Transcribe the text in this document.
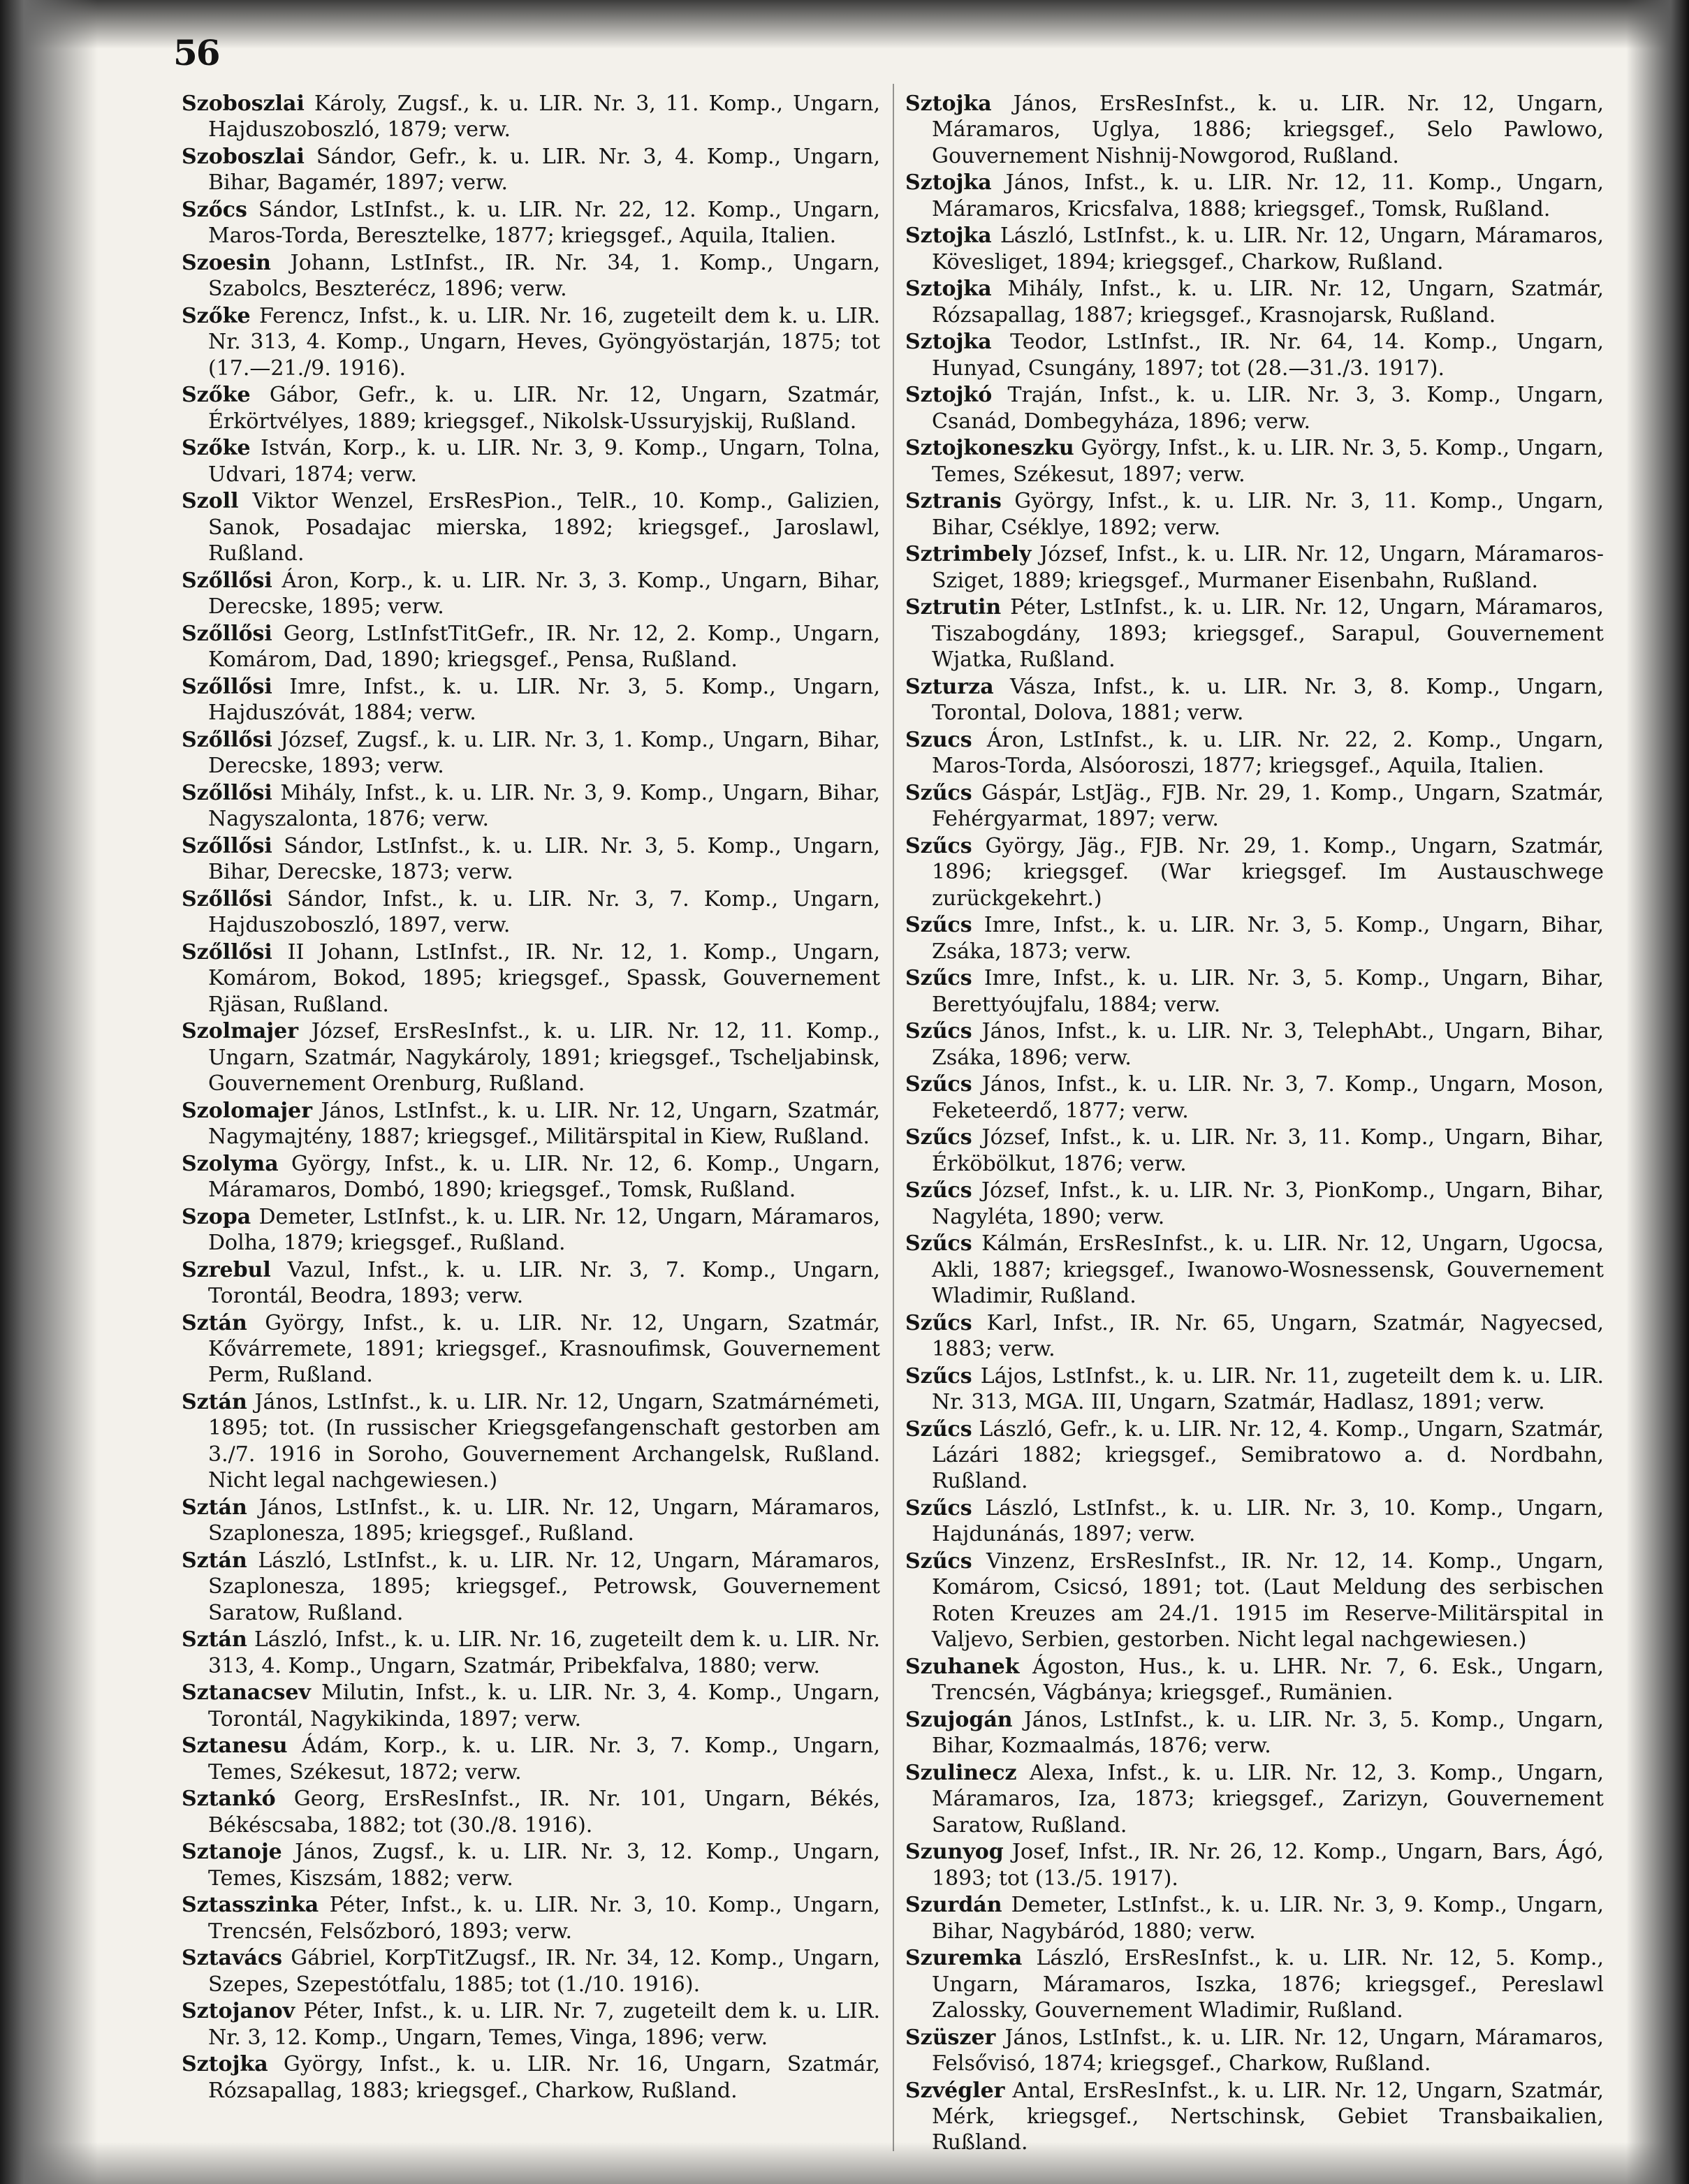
56

Szoboszlai Károly, Zugsf., k. u. LIR. Nr. 3, 11. Komp., Ungarn, Hajduszoboszló, 1879; verw.

Szoboszlai Sándor, Gefr., k. u. LIR. Nr. 3, 4. Komp., Ungarn, Bihar, Bagamér, 1897; verw.

Szőcs Sándor, LstInfst., k. u. LIR. Nr. 22, 12. Komp., Ungarn, Maros-Torda, Beresztelke, 1877; kriegsgef., Aquila, Italien.

Szoesin Johann, LstInfst., IR. Nr. 34, 1. Komp., Ungarn, Szabolcs, Beszterécz, 1896; verw.

Szőke Ferencz, Infst., k. u. LIR. Nr. 16, zugeteilt dem k. u. LIR. Nr. 313, 4. Komp., Ungarn, Heves, Gyöngyöstarján, 1875; tot (17.—21./9. 1916).

Szőke Gábor, Gefr., k. u. LIR. Nr. 12, Ungarn, Szatmár, Érkörtvélyes, 1889; kriegsgef., Nikolsk-Ussuryjskij, Rußland.

Szőke István, Korp., k. u. LIR. Nr. 3, 9. Komp., Ungarn, Tolna, Udvari, 1874; verw.

Szoll Viktor Wenzel, ErsResPion., TelR., 10. Komp., Galizien, Sanok, Posadajac mierska, 1892; kriegsgef., Jaroslawl, Rußland.

Szőllősi Áron, Korp., k. u. LIR. Nr. 3, 3. Komp., Ungarn, Bihar, Derecske, 1895; verw.

Szőllősi Georg, LstInfstTitGefr., IR. Nr. 12, 2. Komp., Ungarn, Komárom, Dad, 1890; kriegsgef., Pensa, Rußland.

Szőllősi Imre, Infst., k. u. LIR. Nr. 3, 5. Komp., Ungarn, Hajduszóvát, 1884; verw.

Szőllősi József, Zugsf., k. u. LIR. Nr. 3, 1. Komp., Ungarn, Bihar, Derecske, 1893; verw.

Szőllősi Mihály, Infst., k. u. LIR. Nr. 3, 9. Komp., Ungarn, Bihar, Nagyszalonta, 1876; verw.

Szőllősi Sándor, LstInfst., k. u. LIR. Nr. 3, 5. Komp., Ungarn, Bihar, Derecske, 1873; verw.

Szőllősi Sándor, Infst., k. u. LIR. Nr. 3, 7. Komp., Ungarn, Hajduszoboszló, 1897, verw.

Szőllősi II Johann, LstInfst., IR. Nr. 12, 1. Komp., Ungarn, Komárom, Bokod, 1895; kriegsgef., Spassk, Gouvernement Rjäsan, Rußland.

Szolmajer József, ErsResInfst., k. u. LIR. Nr. 12, 11. Komp., Ungarn, Szatmár, Nagykároly, 1891; kriegsgef., Tscheljabinsk, Gouvernement Orenburg, Rußland.

Szolomajer János, LstInfst., k. u. LIR. Nr. 12, Ungarn, Szatmár, Nagymajtény, 1887; kriegsgef., Militärspital in Kiew, Rußland.

Szolyma György, Infst., k. u. LIR. Nr. 12, 6. Komp., Ungarn, Máramaros, Dombó, 1890; kriegsgef., Tomsk, Rußland.

Szopa Demeter, LstInfst., k. u. LIR. Nr. 12, Ungarn, Máramaros, Dolha, 1879; kriegsgef., Rußland.

Szrebul Vazul, Infst., k. u. LIR. Nr. 3, 7. Komp., Ungarn, Torontál, Beodra, 1893; verw.

Sztán György, Infst., k. u. LIR. Nr. 12, Ungarn, Szatmár, Kővárremete, 1891; kriegsgef., Krasnoufimsk, Gouvernement Perm, Rußland.

Sztán János, LstInfst., k. u. LIR. Nr. 12, Ungarn, Szatmárnémeti, 1895; tot. (In russischer Kriegsgefangenschaft gestorben am 3./7. 1916 in Soroho, Gouvernement Archangelsk, Rußland. Nicht legal nachgewiesen.)

Sztán János, LstInfst., k. u. LIR. Nr. 12, Ungarn, Máramaros, Szaplonesza, 1895; kriegsgef., Rußland.

Sztán László, LstInfst., k. u. LIR. Nr. 12, Ungarn, Máramaros, Szaplonesza, 1895; kriegsgef., Petrowsk, Gouvernement Saratow, Rußland.

Sztán László, Infst., k. u. LIR. Nr. 16, zugeteilt dem k. u. LIR. Nr. 313, 4. Komp., Ungarn, Szatmár, Pribekfalva, 1880; verw.

Sztanacsev Milutin, Infst., k. u. LIR. Nr. 3, 4. Komp., Ungarn, Torontál, Nagykikinda, 1897; verw.

Sztanesu Ádám, Korp., k. u. LIR. Nr. 3, 7. Komp., Ungarn, Temes, Székesut, 1872; verw.

Sztankó Georg, ErsResInfst., IR. Nr. 101, Ungarn, Békés, Békéscsaba, 1882; tot (30./8. 1916).

Sztanoje János, Zugsf., k. u. LIR. Nr. 3, 12. Komp., Ungarn, Temes, Kiszsám, 1882; verw.

Sztasszinka Péter, Infst., k. u. LIR. Nr. 3, 10. Komp., Ungarn, Trencsén, Felsőzboró, 1893; verw.

Sztavács Gábriel, KorpTitZugsf., IR. Nr. 34, 12. Komp., Ungarn, Szepes, Szepestótfalu, 1885; tot (1./10. 1916).

Sztojanov Péter, Infst., k. u. LIR. Nr. 7, zugeteilt dem k. u. LIR. Nr. 3, 12. Komp., Ungarn, Temes, Vinga, 1896; verw.

Sztojka György, Infst., k. u. LIR. Nr. 16, Ungarn, Szatmár, Rózsapallag, 1883; kriegsgef., Charkow, Rußland.

Sztojka János, ErsResInfst., k. u. LIR. Nr. 12, Ungarn, Máramaros, Uglya, 1886; kriegsgef., Selo Pawlowo, Gouvernement Nishnij-Nowgorod, Rußland.

Sztojka János, Infst., k. u. LIR. Nr. 12, 11. Komp., Ungarn, Máramaros, Kricsfalva, 1888; kriegsgef., Tomsk, Rußland.

Sztojka László, LstInfst., k. u. LIR. Nr. 12, Ungarn, Máramaros, Kövesliget, 1894; kriegsgef., Charkow, Rußland.

Sztojka Mihály, Infst., k. u. LIR. Nr. 12, Ungarn, Szatmár, Rózsapallag, 1887; kriegsgef., Krasnojarsk, Rußland.

Sztojka Teodor, LstInfst., IR. Nr. 64, 14. Komp., Ungarn, Hunyad, Csungány, 1897; tot (28.—31./3. 1917).

Sztojkó Traján, Infst., k. u. LIR. Nr. 3, 3. Komp., Ungarn, Csanád, Dombegyháza, 1896; verw.

Sztojkoneszku György, Infst., k. u. LIR. Nr. 3, 5. Komp., Ungarn, Temes, Székesut, 1897; verw.

Sztranis György, Infst., k. u. LIR. Nr. 3, 11. Komp., Ungarn, Bihar, Cséklye, 1892; verw.

Sztrimbely József, Infst., k. u. LIR. Nr. 12, Ungarn, Máramaros-Sziget, 1889; kriegsgef., Murmaner Eisenbahn, Rußland.

Sztrutin Péter, LstInfst., k. u. LIR. Nr. 12, Ungarn, Máramaros, Tiszabogdány, 1893; kriegsgef., Sarapul, Gouvernement Wjatka, Rußland.

Szturza Vásza, Infst., k. u. LIR. Nr. 3, 8. Komp., Ungarn, Torontal, Dolova, 1881; verw.

Szucs Áron, LstInfst., k. u. LIR. Nr. 22, 2. Komp., Ungarn, Maros-Torda, Alsóoroszi, 1877; kriegsgef., Aquila, Italien.

Szűcs Gáspár, LstJäg., FJB. Nr. 29, 1. Komp., Ungarn, Szatmár, Fehérgyarmat, 1897; verw.

Szűcs György, Jäg., FJB. Nr. 29, 1. Komp., Ungarn, Szatmár, 1896; kriegsgef. (War kriegsgef. Im Austauschwege zurückgekehrt.)

Szűcs Imre, Infst., k. u. LIR. Nr. 3, 5. Komp., Ungarn, Bihar, Zsáka, 1873; verw.

Szűcs Imre, Infst., k. u. LIR. Nr. 3, 5. Komp., Ungarn, Bihar, Berettyóujfalu, 1884; verw.

Szűcs János, Infst., k. u. LIR. Nr. 3, TelephAbt., Ungarn, Bihar, Zsáka, 1896; verw.

Szűcs János, Infst., k. u. LIR. Nr. 3, 7. Komp., Ungarn, Moson, Feketeerdő, 1877; verw.

Szűcs József, Infst., k. u. LIR. Nr. 3, 11. Komp., Ungarn, Bihar, Érköbölkut, 1876; verw.

Szűcs József, Infst., k. u. LIR. Nr. 3, PionKomp., Ungarn, Bihar, Nagyléta, 1890; verw.

Szűcs Kálmán, ErsResInfst., k. u. LIR. Nr. 12, Ungarn, Ugocsa, Akli, 1887; kriegsgef., Iwanowo-Wosnessensk, Gouvernement Wladimir, Rußland.

Szűcs Karl, Infst., IR. Nr. 65, Ungarn, Szatmár, Nagyecsed, 1883; verw.

Szűcs Lájos, LstInfst., k. u. LIR. Nr. 11, zugeteilt dem k. u. LIR. Nr. 313, MGA. III, Ungarn, Szatmár, Hadlasz, 1891; verw.

Szűcs László, Gefr., k. u. LIR. Nr. 12, 4. Komp., Ungarn, Szatmár, Lázári 1882; kriegsgef., Semibratowo a. d. Nordbahn, Rußland.

Szűcs László, LstInfst., k. u. LIR. Nr. 3, 10. Komp., Ungarn, Hajdunánás, 1897; verw.

Szűcs Vinzenz, ErsResInfst., IR. Nr. 12, 14. Komp., Ungarn, Komárom, Csicsó, 1891; tot. (Laut Meldung des serbischen Roten Kreuzes am 24./1. 1915 im Reserve-Militärspital in Valjevo, Serbien, gestorben. Nicht legal nachgewiesen.)

Szuhanek Ágoston, Hus., k. u. LHR. Nr. 7, 6. Esk., Ungarn, Trencsén, Vágbánya; kriegsgef., Rumänien.

Szujogán János, LstInfst., k. u. LIR. Nr. 3, 5. Komp., Ungarn, Bihar, Kozmaalmás, 1876; verw.

Szulinecz Alexa, Infst., k. u. LIR. Nr. 12, 3. Komp., Ungarn, Máramaros, Iza, 1873; kriegsgef., Zarizyn, Gouvernement Saratow, Rußland.

Szunyog Josef, Infst., IR. Nr. 26, 12. Komp., Ungarn, Bars, Ágó, 1893; tot (13./5. 1917).

Szurdán Demeter, LstInfst., k. u. LIR. Nr. 3, 9. Komp., Ungarn, Bihar, Nagybáród, 1880; verw.

Szuremka László, ErsResInfst., k. u. LIR. Nr. 12, 5. Komp., Ungarn, Máramaros, Iszka, 1876; kriegsgef., Pereslawl Zalossky, Gouvernement Wladimir, Rußland.

Szüszer János, LstInfst., k. u. LIR. Nr. 12, Ungarn, Máramaros, Felsővisó, 1874; kriegsgef., Charkow, Rußland.

Szvégler Antal, ErsResInfst., k. u. LIR. Nr. 12, Ungarn, Szatmár, Mérk, kriegsgef., Nertschinsk, Gebiet Transbaikalien, Rußland.
